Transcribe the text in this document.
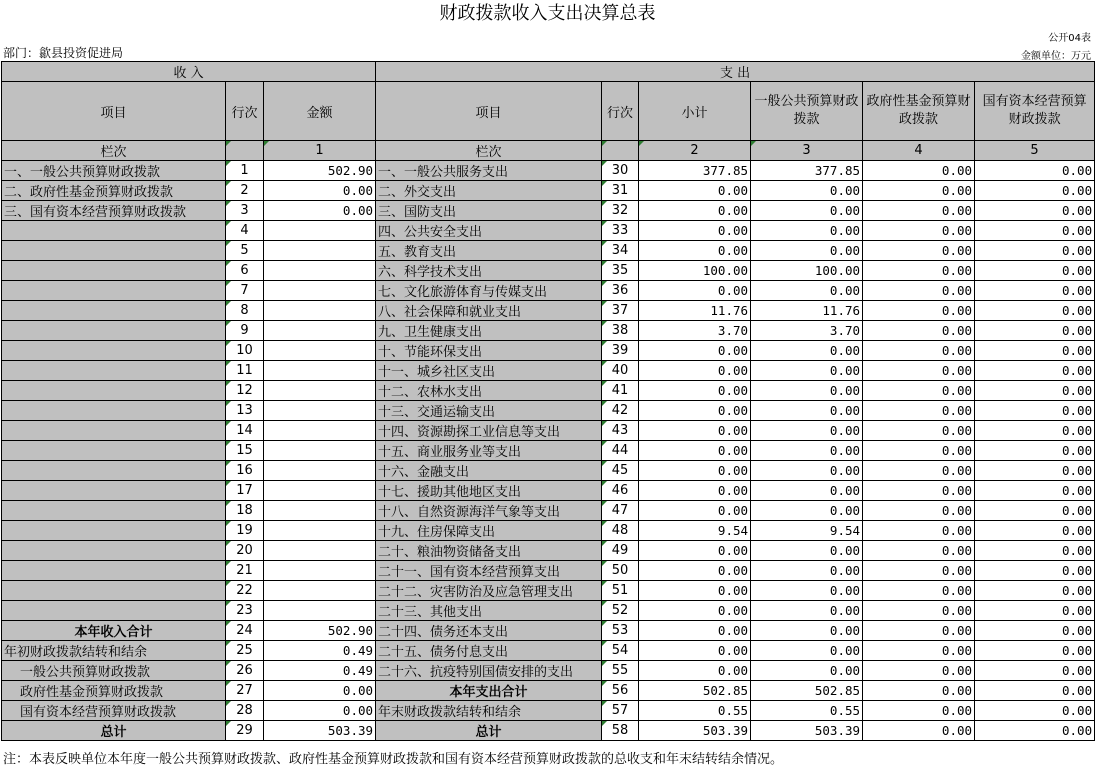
财政拨款收入支出决算总表
公开04表
部门：歙县投资促进局	金额单位：万元
收 入			支 出					
项目	行次	金额	项目	行次	小计	一般公共预算财政拨款	政府性基金预算财政拨款	国有资本经营预算财政拨款
栏次		1	栏次		2	3	4	5
一、一般公共预算财政拨款	1	502.90	一、一般公共服务支出	30	377.85	377.85	0.00	0.00
二、政府性基金预算财政拨款	2	0.00	二、外交支出	31	0.00	0.00	0.00	0.00
三、国有资本经营预算财政拨款	3	0.00	三、国防支出	32	0.00	0.00	0.00	0.00
	4		四、公共安全支出	33	0.00	0.00	0.00	0.00
	5		五、教育支出	34	0.00	0.00	0.00	0.00
	6		六、科学技术支出	35	100.00	100.00	0.00	0.00
	7		七、文化旅游体育与传媒支出	36	0.00	0.00	0.00	0.00
	8		八、社会保障和就业支出	37	11.76	11.76	0.00	0.00
	9		九、卫生健康支出	38	3.70	3.70	0.00	0.00
	10		十、节能环保支出	39	0.00	0.00	0.00	0.00
	11		十一、城乡社区支出	40	0.00	0.00	0.00	0.00
	12		十二、农林水支出	41	0.00	0.00	0.00	0.00
	13		十三、交通运输支出	42	0.00	0.00	0.00	0.00
	14		十四、资源勘探工业信息等支出	43	0.00	0.00	0.00	0.00
	15		十五、商业服务业等支出	44	0.00	0.00	0.00	0.00
	16		十六、金融支出	45	0.00	0.00	0.00	0.00
	17		十七、援助其他地区支出	46	0.00	0.00	0.00	0.00
	18		十八、自然资源海洋气象等支出	47	0.00	0.00	0.00	0.00
	19		十九、住房保障支出	48	9.54	9.54	0.00	0.00
	20		二十、粮油物资储备支出	49	0.00	0.00	0.00	0.00
	21		二十一、国有资本经营预算支出	50	0.00	0.00	0.00	0.00
	22		二十二、灾害防治及应急管理支出	51	0.00	0.00	0.00	0.00
	23		二十三、其他支出	52	0.00	0.00	0.00	0.00
本年收入合计	24	502.90	二十四、债务还本支出	53	0.00	0.00	0.00	0.00
年初财政拨款结转和结余	25	0.49	二十五、债务付息支出	54	0.00	0.00	0.00	0.00
一般公共预算财政拨款	26	0.49	二十六、抗疫特别国债安排的支出	55	0.00	0.00	0.00	0.00
政府性基金预算财政拨款	27	0.00	本年支出合计	56	502.85	502.85	0.00	0.00
国有资本经营预算财政拨款	28	0.00	年末财政拨款结转和结余	57	0.55	0.55	0.00	0.00
总计	29	503.39	总计	58	503.39	503.39	0.00	0.00
注：本表反映单位本年度一般公共预算财政拨款、政府性基金预算财政拨款和国有资本经营预算财政拨款的总收支和年末结转结余情况。
